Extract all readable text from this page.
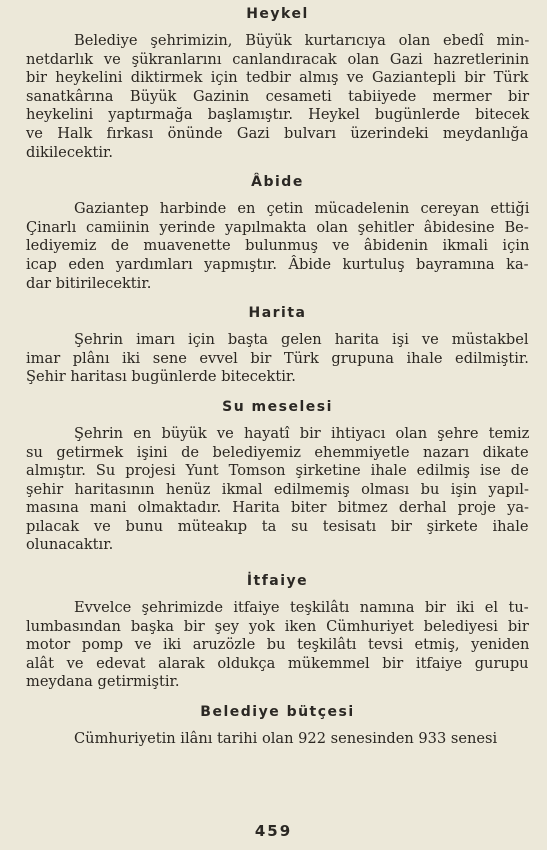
Heykel

Belediye şehrimizin, Büyük kurtarıcıya olan ebedî min-
netdarlık ve şükranlarını canlandıracak olan Gazi hazretlerinin
bir heykelini diktirmek için tedbir almış ve Gaziantepli bir Türk
sanatkârına Büyük Gazinin cesameti tabiiyede mermer bir
heykelini yaptırmağa başlamıştır. Heykel bugünlerde bitecek
ve Halk fırkası önünde Gazi bulvarı üzerindeki meydanlığa
dikilecektir.

Âbide

Gaziantep harbinde en çetin mücadelenin cereyan ettiği
Çinarlı camiinin yerinde yapılmakta olan şehitler âbidesine Be-
lediyemiz de muavenette bulunmuş ve âbidenin ikmali için
icap eden yardımları yapmıştır. Âbide kurtuluş bayramına ka-
dar bitirilecektir.

Harita

Şehrin imarı için başta gelen harita işi ve müstakbel
imar plânı iki sene evvel bir Türk grupuna ihale edilmiştir.
Şehir haritası bugünlerde bitecektir.

Su meselesi

Şehrin en büyük ve hayatî bir ihtiyacı olan şehre temiz
su getirmek işini de belediyemiz ehemmiyetle nazarı dikate
almıştır. Su projesi Yunt Tomson şirketine ihale edilmiş ise de
şehir haritasının henüz ikmal edilmemiş olması bu işin yapıl-
masına mani olmaktadır. Harita biter bitmez derhal proje ya-
pılacak ve bunu müteakıp ta su tesisatı bir şirkete ihale
olunacaktır.

İtfaiye

Evvelce şehrimizde itfaiye teşkilâtı namına bir iki el tu-
lumbasından başka bir şey yok iken Cümhuriyet belediyesi bir
motor pomp ve iki aruzözle bu teşkilâtı tevsi etmiş, yeniden
alât ve edevat alarak oldukça mükemmel bir itfaiye gurupu
meydana getirmiştir.

Belediye bütçesi

Cümhuriyetin ilânı tarihi olan 922 senesinden 933 senesi

459
